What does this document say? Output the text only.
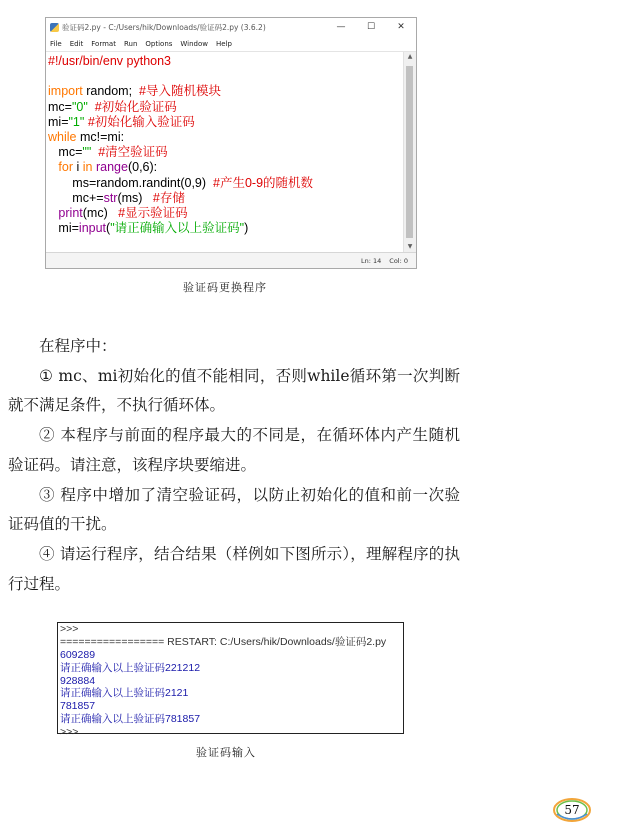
验证码2.py - C:/Users/hik/Downloads/验证码2.py (3.6.2)	—	☐	✕
File Edit Format Run Options Window Help
#!/usr/bin/env python3
import random;  #导入随机模块
mc="0" #初始化验证码
mi="1" #初始化输入验证码
while mc!=mi:
mc="" #清空验证码
for i in range(0,6):
ms=random.randint(0,9)  #产生0-9的随机数
mc+=str(ms)   #存储
print(mc)   #显示验证码
mi=input("请正确输入以上验证码")
▲
▼
Ln: 14 Col: 0
验证码更换程序

在程序中：

① mc、mi初始化的值不能相同，否则while循环第一次判断就不满足条件，不执行循环体。

② 本程序与前面的程序最大的不同是，在循环体内产生随机验证码。请注意，该程序块要缩进。

③ 程序中增加了清空验证码，以防止初始化的值和前一次验证码值的干扰。

④ 请运行程序，结合结果（样例如下图所示），理解程序的执行过程。

>>>
================= RESTART: C:/Users/hik/Downloads/验证码2.py
609289
请正确输入以上验证码221212
928884
请正确输入以上验证码2121
781857
请正确输入以上验证码781857
>>>
验证码输入
57
